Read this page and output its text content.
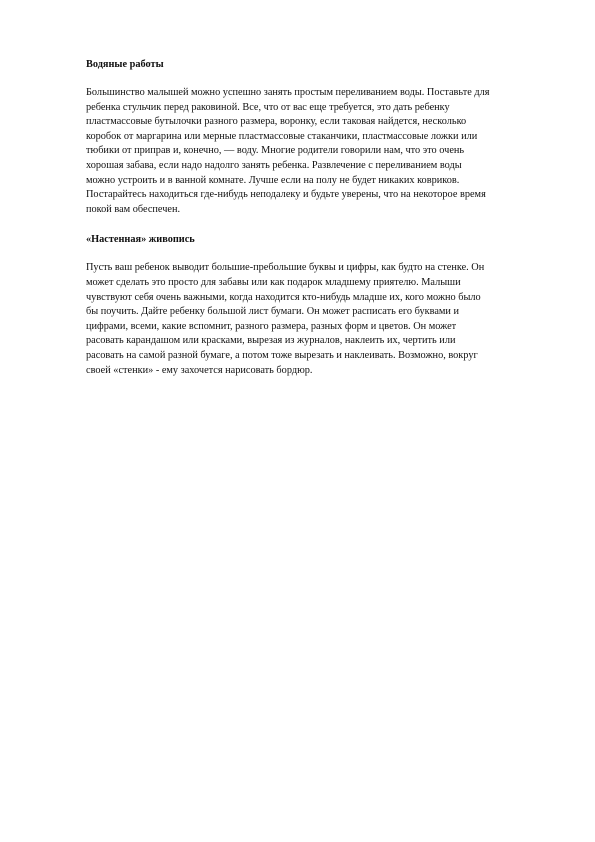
Водяные работы

Большинство малышей можно успешно занять простым переливанием воды. Поставьте для
ребенка стульчик перед раковиной. Все, что от вас еще требуется, это дать ребенку
пластмассовые бутылочки разного размера, воронку, если таковая найдется, несколько
коробок от маргарина или мерные пластмассовые стаканчики, пластмассовые ложки или
тюбики от приправ и, конечно, — воду. Многие родители говорили нам, что это очень
хорошая забава, если надо надолго занять ребенка. Развлечение с переливанием воды
можно устроить и в ванной комнате. Лучше если на полу не будет никаких ковриков.
Постарайтесь находиться где-нибудь неподалеку и будьте уверены, что на некоторое время
покой вам обеспечен.

«Настенная» живопись

Пусть ваш ребенок выводит большие-пребольшие буквы и цифры, как будто на стенке. Он
может сделать это просто для забавы или как подарок младшему приятелю. Малыши
чувствуют себя очень важными, когда находится кто-нибудь младше их, кого можно было
бы поучить. Дайте ребенку большой лист бумаги. Он может расписать его буквами и
цифрами, всеми, какие вспомнит, разного размера, разных форм и цветов. Он может
расовать карандашом или красками, вырезая из журналов, наклеить их, чертить или
расовать на самой разной бумаге, а потом тоже вырезать и наклеивать. Возможно, вокруг
своей «стенки» - ему захочется нарисовать бордюр.
